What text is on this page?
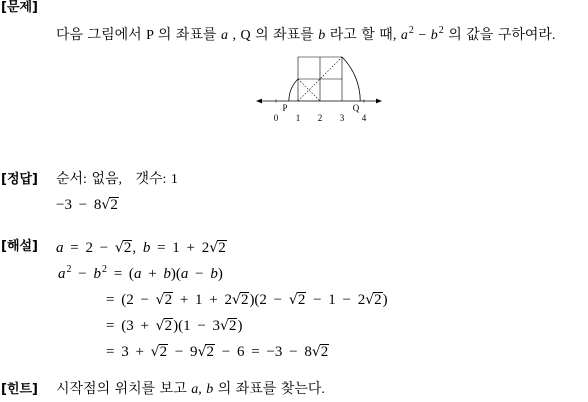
[문제]
다음 그림에서 P 의 좌표를 a , Q 의 좌표를 b 라고 할 때, $a^2 - b^2$ 의 값을 구하여라.
P	Q
0 1 2 3 4
[정답] 순서: 없음,   갯수: 1
−3 − 8√2
[해설] a = 2 − √2, b = 1 + 2√2
$a^2 - b^2 = (a + b)(a - b)$
= (2 − √2 + 1 + 2√2)(2 − √2 − 1 − 2√2)
= (3 + √2)(1 − 3√2)
= 3 + √2 − 9√2 − 6 = −3 − 8√2
[힌트] 시작점의 위치를 보고 a, b 의 좌표를 찾는다.
